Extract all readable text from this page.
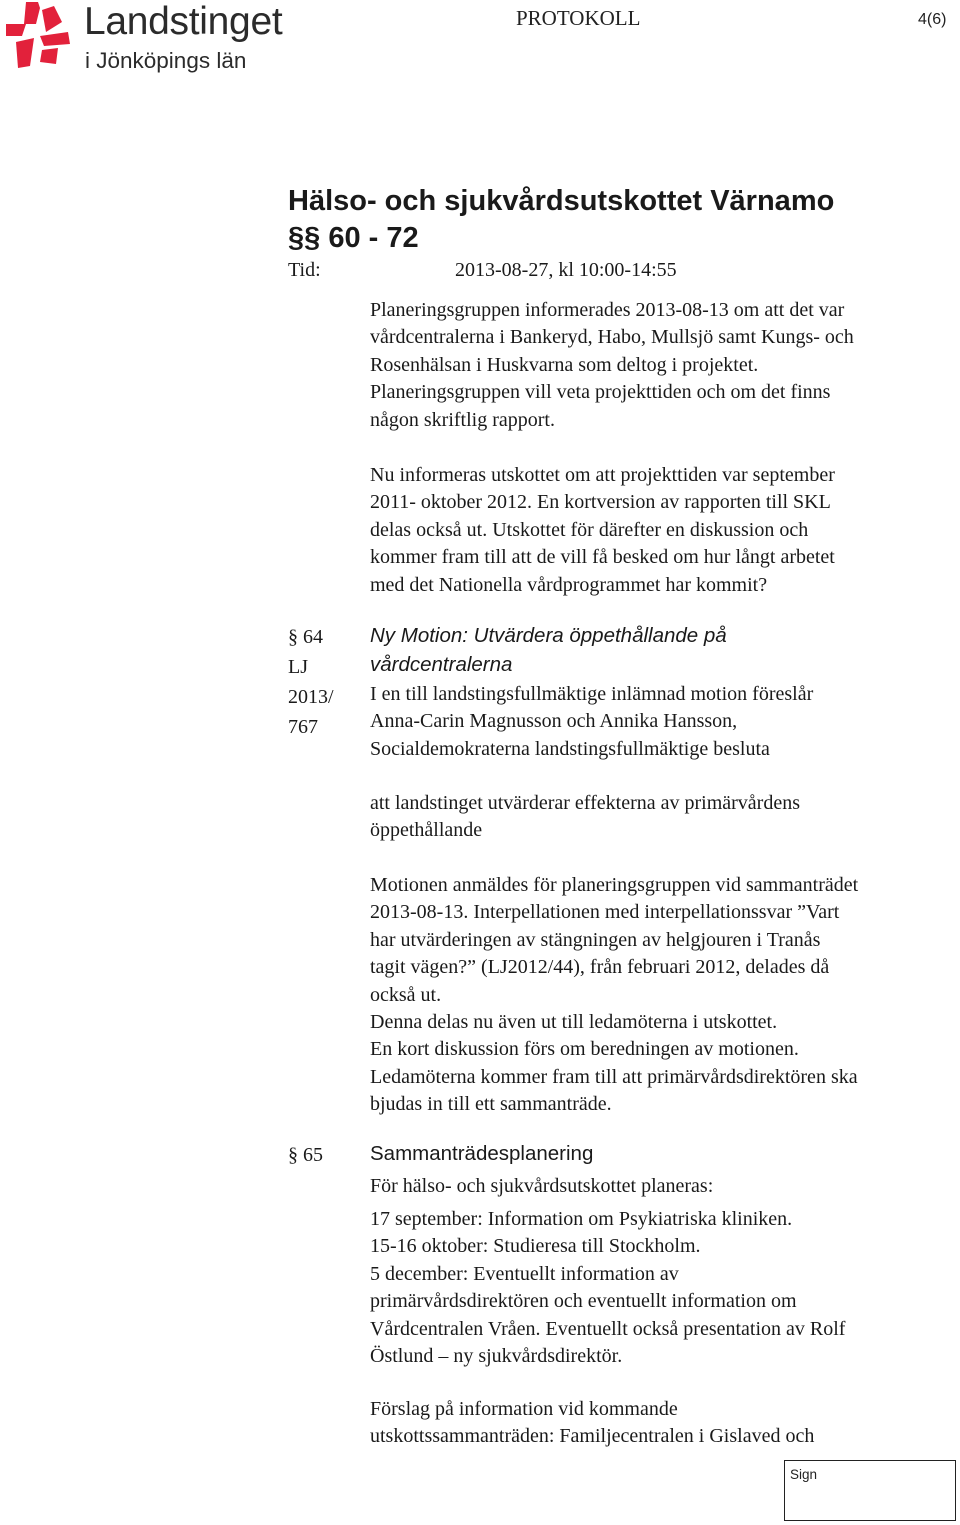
Landstinget
i Jönköpings län
PROTOKOLL	4(6)
Hälso- och sjukvårdsutskottet Värnamo
§§ 60 - 72
Tid:	2013-08-27, kl 10:00-14:55
Planeringsgruppen informerades 2013-08-13 om att det var
vårdcentralerna i Bankeryd, Habo, Mullsjö samt Kungs- och
Rosenhälsan i Huskvarna som deltog i projektet.
Planeringsgruppen vill veta projekttiden och om det finns
någon skriftlig rapport.
Nu informeras utskottet om att projekttiden var september
2011- oktober 2012. En kortversion av rapporten till SKL
delas också ut. Utskottet för därefter en diskussion och
kommer fram till att de vill få besked om hur långt arbetet
med det Nationella vårdprogrammet har kommit?
§ 64
LJ
2013/
767
Ny Motion: Utvärdera öppethållande på
vårdcentralerna
I en till landstingsfullmäktige inlämnad motion föreslår
Anna-Carin Magnusson och Annika Hansson,
Socialdemokraterna landstingsfullmäktige besluta
att landstinget utvärderar effekterna av primärvårdens
öppethållande
Motionen anmäldes för planeringsgruppen vid sammanträdet
2013-08-13. Interpellationen med interpellationssvar ”Vart
har utvärderingen av stängningen av helgjouren i Tranås
tagit vägen?” (LJ2012/44), från februari 2012, delades då
också ut.
Denna delas nu även ut till ledamöterna i utskottet.
En kort diskussion förs om beredningen av motionen.
Ledamöterna kommer fram till att primärvårdsdirektören ska
bjudas in till ett sammanträde.
§ 65 Sammanträdesplanering
För hälso- och sjukvårdsutskottet planeras:
17 september: Information om Psykiatriska kliniken.
15-16 oktober: Studieresa till Stockholm.
5 december: Eventuellt information av
primärvårdsdirektören och eventuellt information om
Vårdcentralen Vråen. Eventuellt också presentation av Rolf
Östlund – ny sjukvårdsdirektör.
Förslag på information vid kommande
utskottssammanträden: Familjecentralen i Gislaved och
Sign
